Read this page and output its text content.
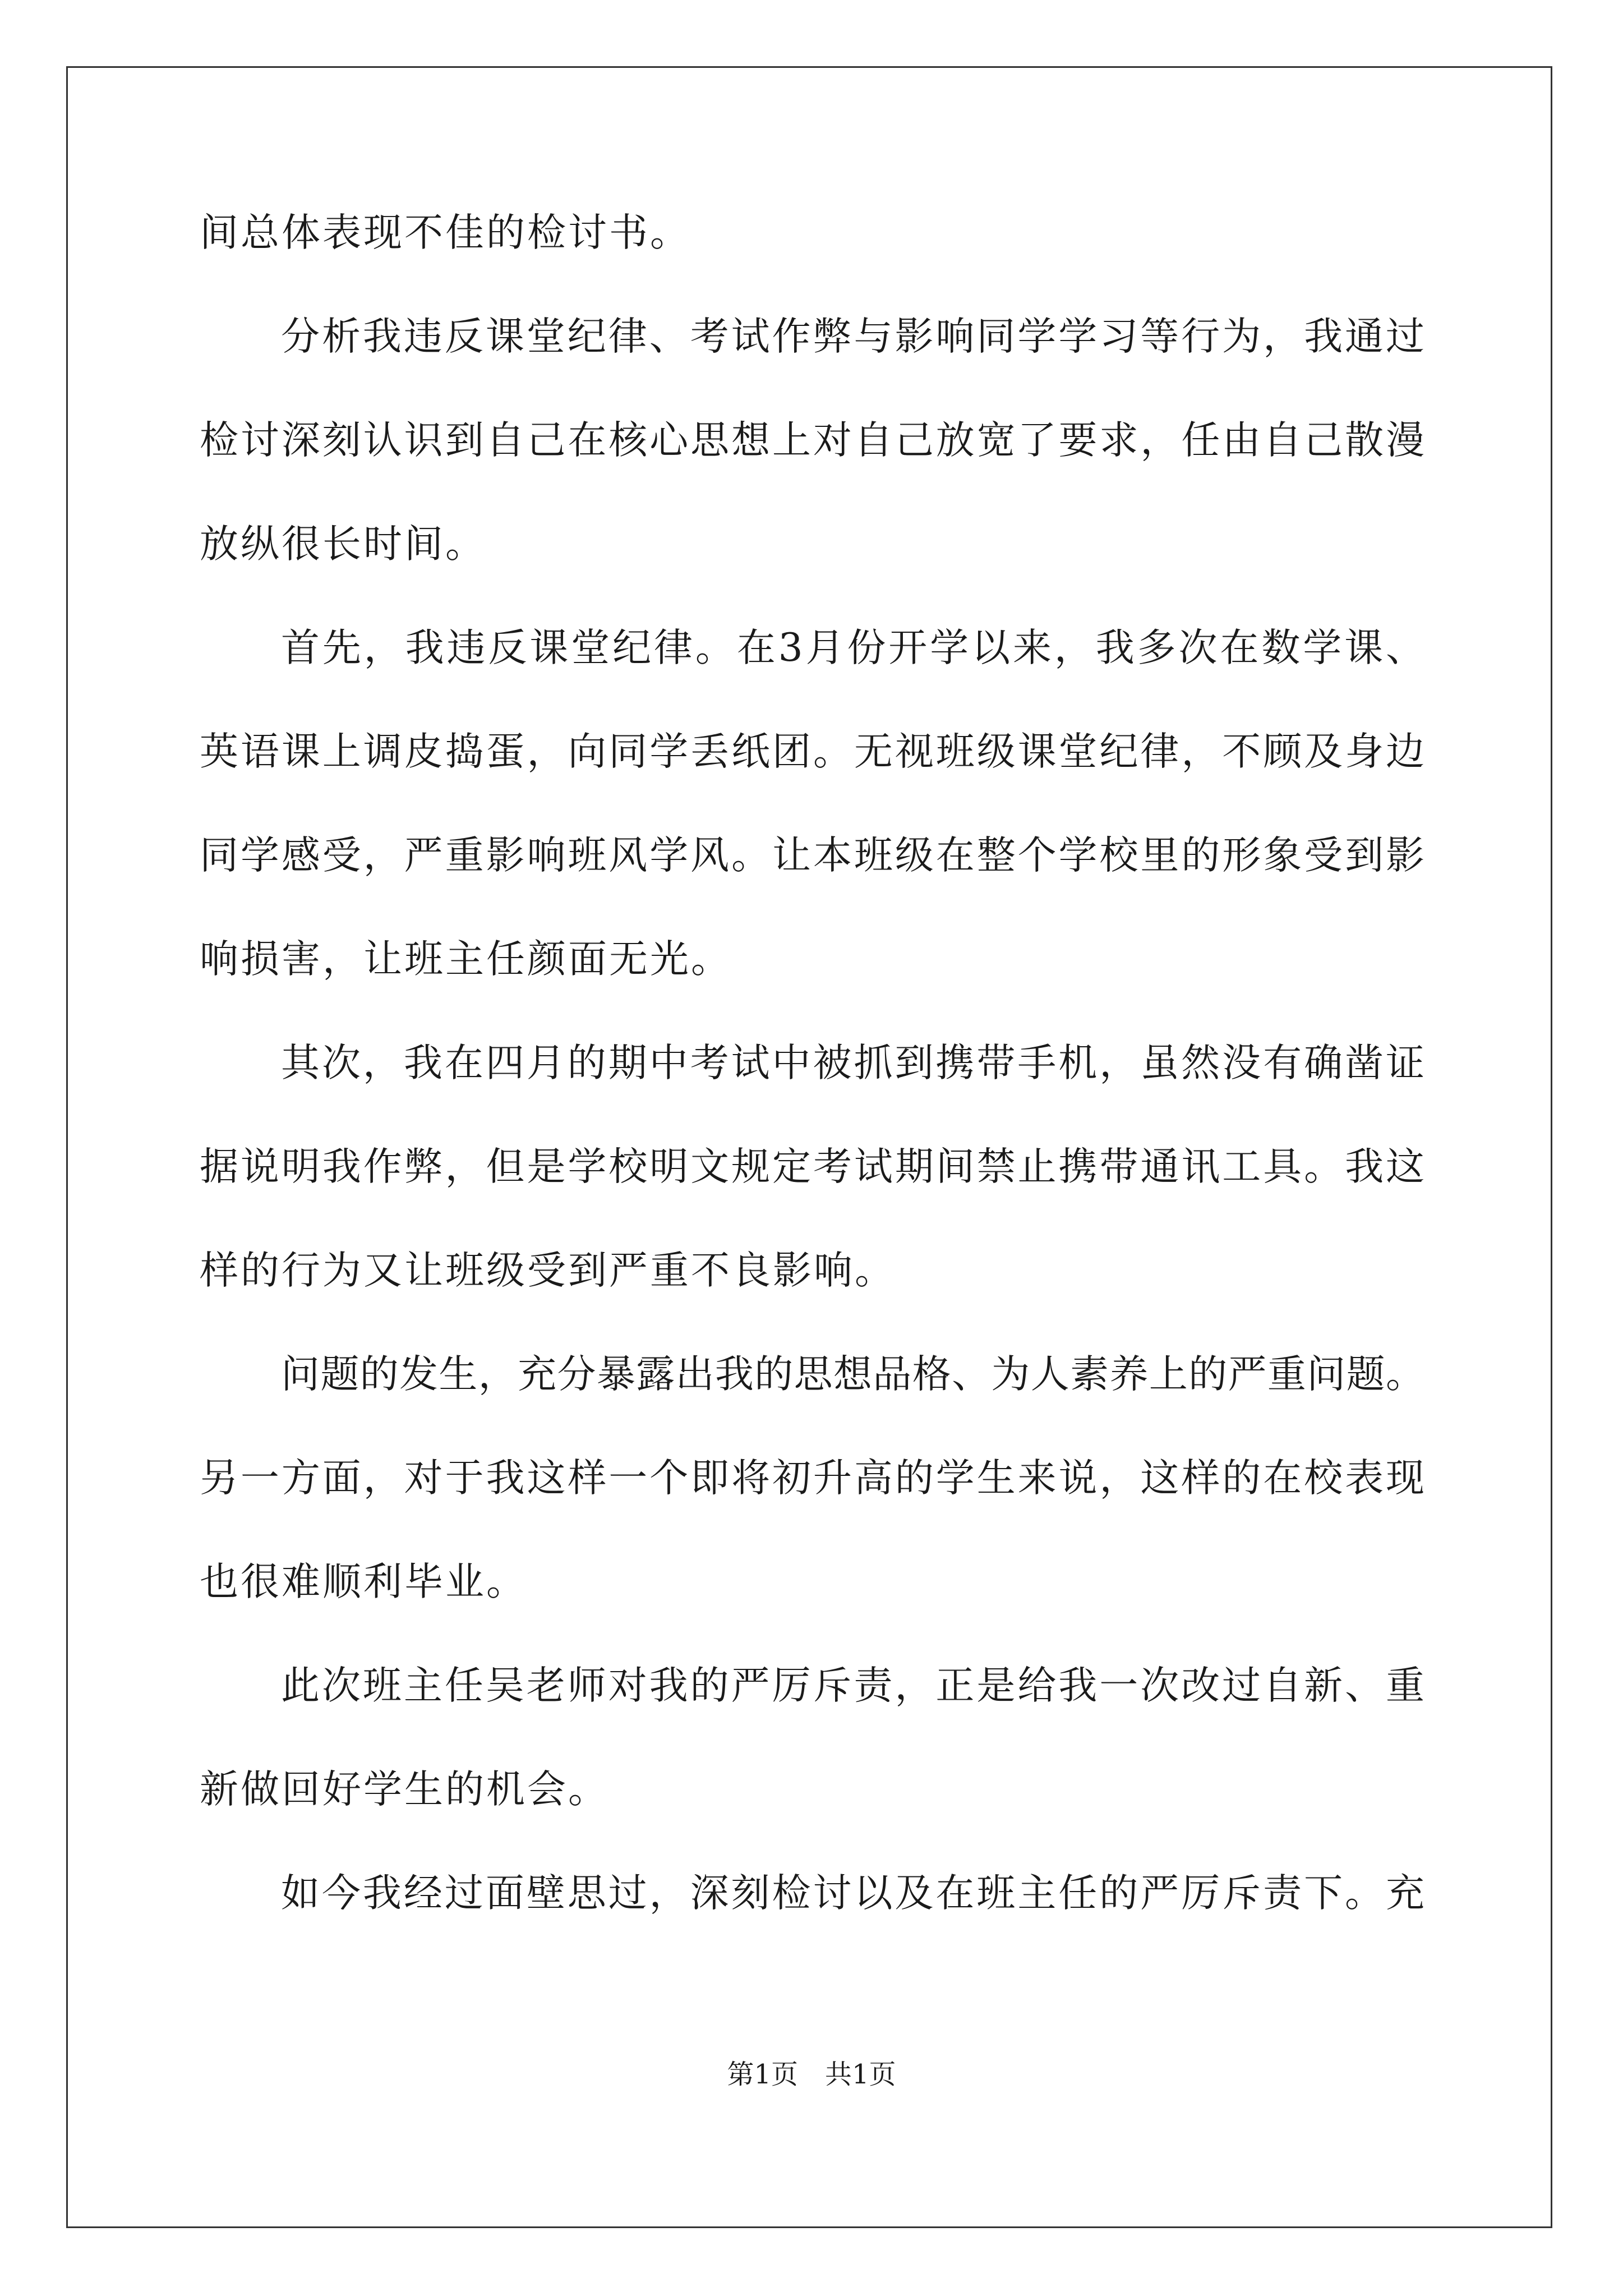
间总体表现不佳的检讨书。
分析我违反课堂纪律、考试作弊与影响同学学习等行为，我通过
检讨深刻认识到自己在核心思想上对自己放宽了要求，任由自己散漫
放纵很长时间。
首先，我违反课堂纪律。在3月份开学以来，我多次在数学课、
英语课上调皮捣蛋，向同学丢纸团。无视班级课堂纪律，不顾及身边
同学感受，严重影响班风学风。让本班级在整个学校里的形象受到影
响损害，让班主任颜面无光。
其次，我在四月的期中考试中被抓到携带手机，虽然没有确凿证
据说明我作弊，但是学校明文规定考试期间禁止携带通讯工具。我这
样的行为又让班级受到严重不良影响。
问题的发生，充分暴露出我的思想品格、为人素养上的严重问题。
另一方面，对于我这样一个即将初升高的学生来说，这样的在校表现
也很难顺利毕业。
此次班主任吴老师对我的严厉斥责，正是给我一次改过自新、重
新做回好学生的机会。
如今我经过面壁思过，深刻检讨以及在班主任的严厉斥责下。充
第1页　共1页
